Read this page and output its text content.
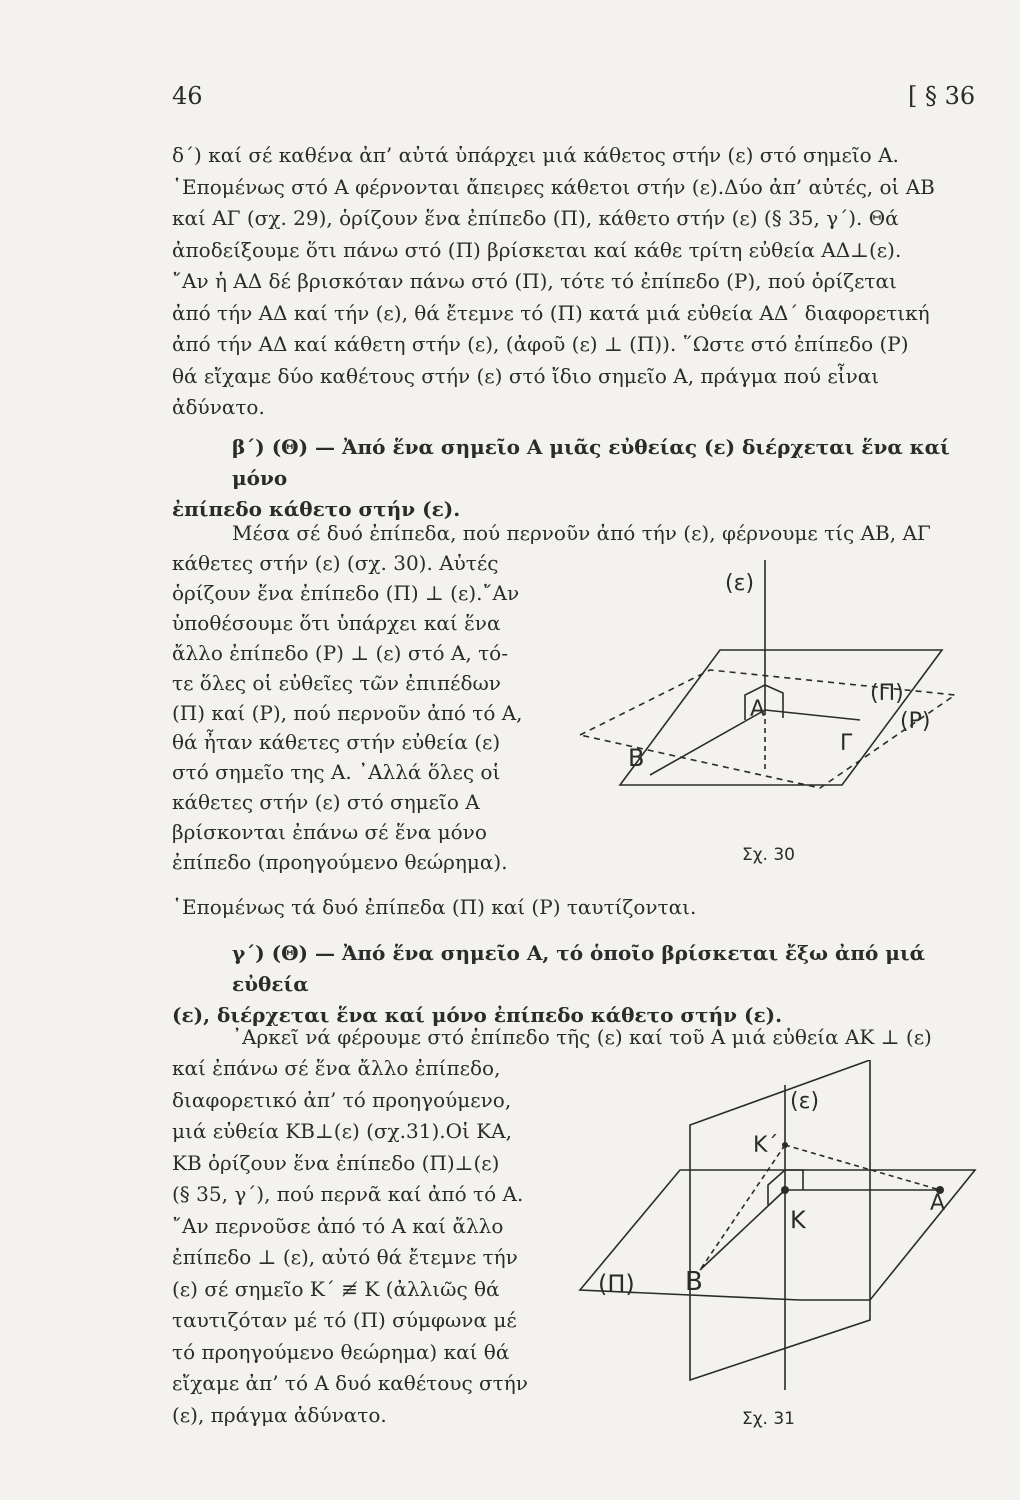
46	[ § 36

δ΄) καί σέ καθένα ἀπ’ αὐτά ὑπάρχει μιά κάθετος στήν (ε) στό σημεῖο Α.

῾Επομένως στό Α φέρνονται ἄπειρες κάθετοι στήν (ε).Δύο ἀπ’ αὐτές, οἱ ΑΒ

καί ΑΓ (σχ. 29), ὁρίζουν ἕνα ἐπίπεδο (Π), κάθετο στήν (ε) (§ 35, γ΄). Θά

ἀποδείξουμε ὅτι πάνω στό (Π) βρίσκεται καί κάθε τρίτη εὐθεία ΑΔ⊥(ε).

῎Αν ἡ ΑΔ δέ βρισκόταν πάνω στό (Π), τότε τό ἐπίπεδο (Ρ), πού ὁρίζεται

ἀπό τήν ΑΔ καί τήν (ε), θά ἔτεμνε τό (Π) κατά μιά εὐθεία ΑΔ΄ διαφορετική

ἀπό τήν ΑΔ καί κάθετη στήν (ε), (ἀφοῦ (ε) ⊥ (Π)). ῞Ωστε στό ἐπίπεδο (Ρ)

θά εἴχαμε δύο καθέτους στήν (ε) στό ἴδιο σημεῖο Α, πράγμα πού εἶναι

ἀδύνατο.

β΄) (Θ) — Ἀπό ἕνα σημεῖο Α μιᾶς εὐθείας (ε) διέρχεται ἕνα καί μόνο

ἐπίπεδο κάθετο στήν (ε).

Μέσα σέ δυό ἐπίπεδα, πού περνοῦν ἀπό τήν (ε), φέρνουμε τίς ΑΒ, ΑΓ

κάθετες στήν (ε) (σχ. 30). Αὐτές

ὁρίζουν ἕνα ἐπίπεδο (Π) ⊥ (ε).῎Αν

ὑποθέσουμε ὅτι ὑπάρχει καί ἕνα

ἄλλο ἐπίπεδο (Ρ) ⊥ (ε) στό Α, τό-

τε ὅλες οἱ εὐθεῖες τῶν ἐπιπέδων

(Π) καί (Ρ), πού περνοῦν ἀπό τό Α,

θά ἦταν κάθετες στήν εὐθεία (ε)

στό σημεῖο της Α. ᾿Αλλά ὅλες οἱ

κάθετες στήν (ε) στό σημεῖο Α

βρίσκονται ἐπάνω σέ ἕνα μόνο

ἐπίπεδο (προηγούμενο θεώρημα).

῾Επομένως τά δυό ἐπίπεδα (Π) καί (Ρ) ταυτίζονται.

(ε)
(Π)
(Ρ)
Α
Β
Γ
Σχ. 30

γ΄) (Θ) — Ἀπό ἕνα σημεῖο Α, τό ὁποῖο βρίσκεται ἔξω ἀπό μιά εὐθεία

(ε), διέρχεται ἕνα καί μόνο ἐπίπεδο κάθετο στήν (ε).

᾿Αρκεῖ νά φέρουμε στό ἐπίπεδο τῆς (ε) καί τοῦ Α μιά εὐθεία ΑΚ ⊥ (ε)

καί ἐπάνω σέ ἕνα ἄλλο ἐπίπεδο,

διαφορετικό ἀπ’ τό προηγούμενο,

μιά εὐθεία ΚΒ⊥(ε) (σχ.31).Οἱ ΚΑ,

ΚΒ ὁρίζουν ἕνα ἐπίπεδο (Π)⊥(ε)

(§ 35, γ΄), πού περνᾶ καί ἀπό τό Α.

῎Αν περνοῦσε ἀπό τό Α καί ἄλλο

ἐπίπεδο ⊥ (ε), αὐτό θά ἔτεμνε τήν

(ε) σέ σημεῖο Κ΄ ≢ Κ (ἀλλιῶς θά

ταυτιζόταν μέ τό (Π) σύμφωνα μέ

τό προηγούμενο θεώρημα) καί θά

εἴχαμε ἀπ’ τό Α δυό καθέτους στήν

(ε), πράγμα ἀδύνατο.

(ε)
Κ΄
Κ
Α
Β
(Π)
Σχ. 31
